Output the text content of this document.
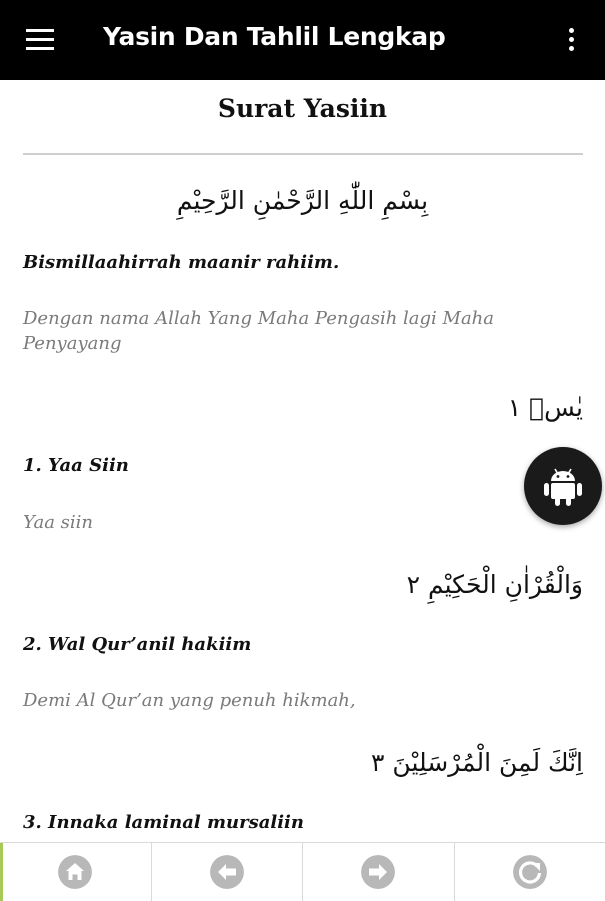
Yasin Dan Tahlil Lengkap
Surat Yasiin
بِسْمِ اللّٰهِ الرَّحْمٰنِ الرَّحِيْمِ
Bismillaahirrah maanir rahiim.
Dengan nama Allah Yang Maha Pengasih lagi Maha Penyayang
يٰسۤ ١
1. Yaa Siin
Yaa siin
وَالْقُرْاٰنِ الْحَكِيْمِ ٢
2. Wal Qur’anil hakiim
Demi Al Qur’an yang penuh hikmah,
اِنَّكَ لَمِنَ الْمُرْسَلِيْنَ ٣
3. Innaka laminal mursaliin
